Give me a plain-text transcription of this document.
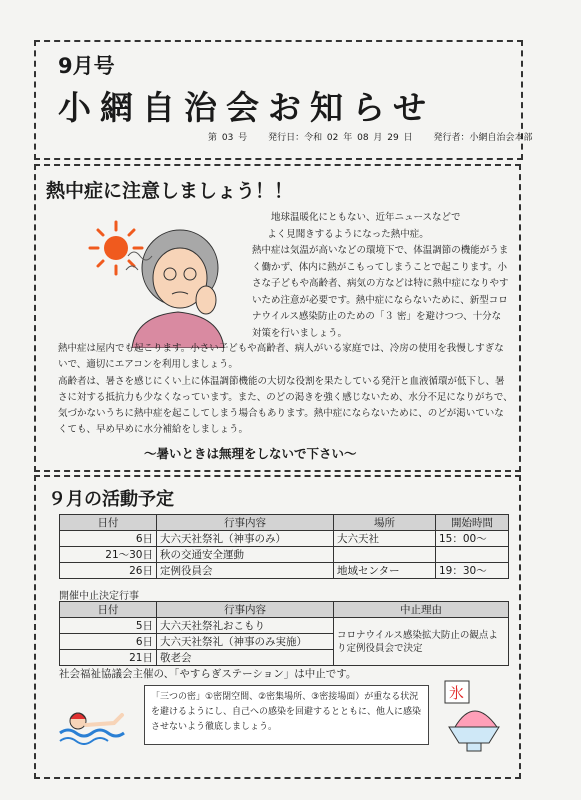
9月号
小網自治会お知らせ
第 03 号 発行日：令和 02 年 08 月 29 日 発行者：小網自治会本部
熱中症に注意しましょう！！

地球温暖化にともない、近年ニュースなどで

よく見聞きするようになった熱中症。

熱中症は気温が高いなどの環境下で、体温調節の機能がうまく働かず、体内に熱がこもってしまうことで起こります。小さな子どもや高齢者、病気の方などは特に熱中症になりやすいため注意が必要です。熱中症にならないために、新型コロナウイルス感染防止のための「３ 密」を避けつつ、十分な対策を行いましょう。

熱中症は屋内でも起こります。小さい子どもや高齢者、病人がいる家庭では、冷房の使用を我慢しすぎないで、適切にエアコンを利用しましょう。

高齢者は、暑さを感じにくい上に体温調節機能の大切な役割を果たしている発汗と血液循環が低下し、暑さに対する抵抗力も少なくなっています。また、のどの渇きを強く感じないため、水分不足になりがちで、気づかないうちに熱中症を起こしてしまう場合もあります。熱中症にならないために、のどが渇いていなくても、早め早めに水分補給をしましょう。

～暑いときは無理をしないで下さい～
９月の活動予定
日付	行事内容	場所	開始時間
6日	大六天社祭礼（神事のみ）	大六天社	15：00～
21～30日	秋の交通安全運動		
26日	定例役員会	地域センター	19：30～
開催中止決定行事
日付	行事内容	中止理由
5日	大六天社祭礼おこもり	コロナウイルス感染拡大防止の観点より定例役員会で決定
6日	大六天社祭礼（神事のみ実施）	
21日	敬老会	
社会福祉協議会主催の、「やすらぎステーション」は中止です。
「三つの密」①密閉空間、②密集場所、③密接場面）が重なる状況を避けるようにし、自己への感染を回避するとともに、他人に感染させないよう徹底しましょう。
氷
